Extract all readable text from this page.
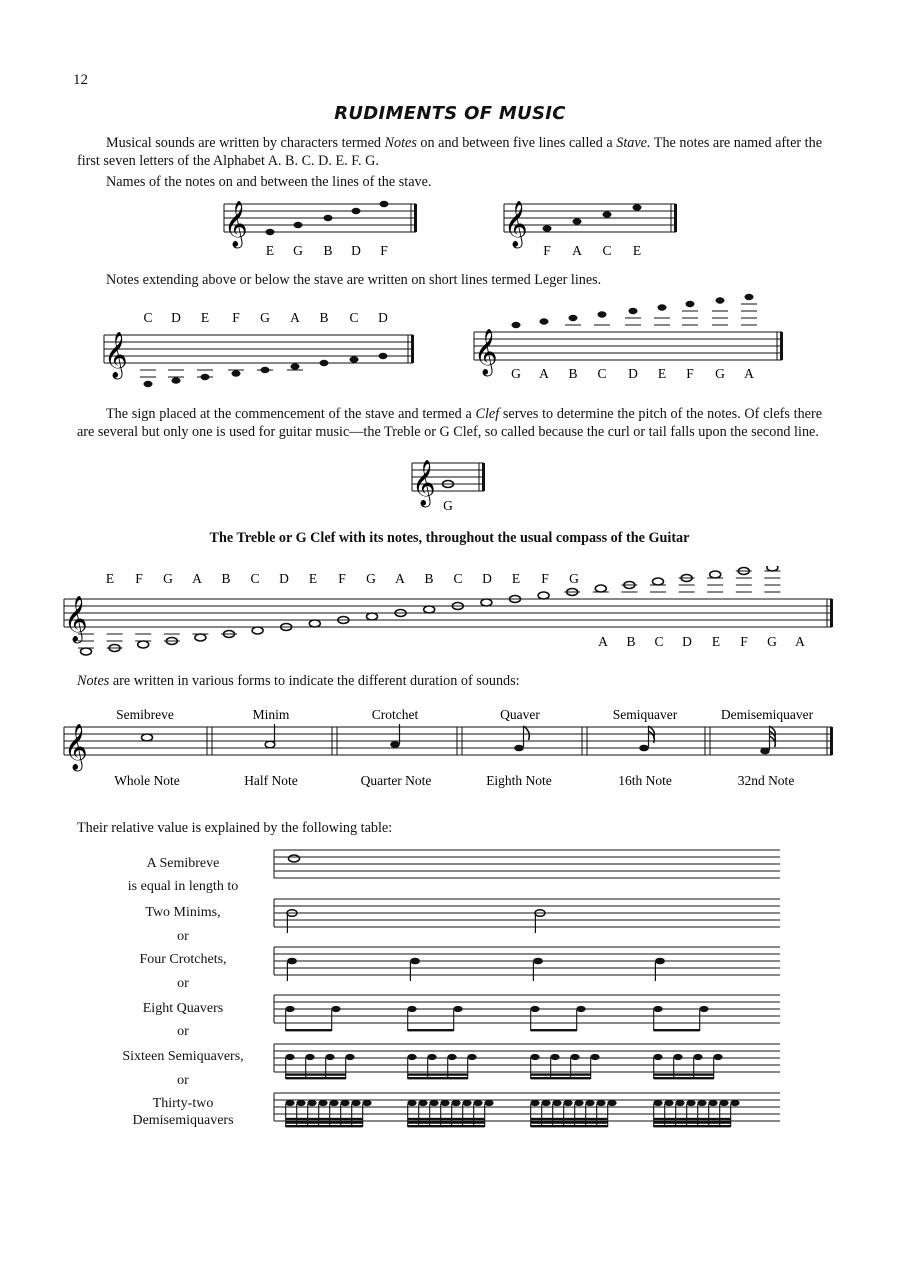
12
RUDIMENTS OF MUSIC
Musical sounds are written by characters termed Notes on and between five lines called a Stave. The notes are named after the first seven letters of the Alphabet A. B. C. D. E. F. G.
Names of the notes on and between the lines of the stave.
𝄞
E G B D F
𝄞
F A C E
Notes extending above or below the stave are written on short lines termed Leger lines.
C D E F G A B C D
𝄞	𝄞 G A B C D E F G A
The sign placed at the commencement of the stave and termed a Clef serves to determine the pitch of the notes. Of clefs there are several but only one is used for guitar music—the Treble or G Clef, so called because the curl or tail falls upon the second line.
𝄞
G
The Treble or G Clef with its notes, throughout the usual compass of the Guitar
E F G A B C D E F G A B C D E F G
𝄞
A B C D E F G A
Notes are written in various forms to indicate the different duration of sounds:
Semibreve	Minim	Crotchet	Quaver	Semiquaver	Demisemiquaver
𝄞
Whole Note	Half Note	Quarter Note	Eighth Note	16th Note	32nd Note
Their relative value is explained by the following table:
A Semibreve
is equal in length to
Two Minims,
or
Four Crotchets,
or
Eight Quavers
or
Sixteen Semiquavers,
or
Thirty-two
Demisemiquavers
